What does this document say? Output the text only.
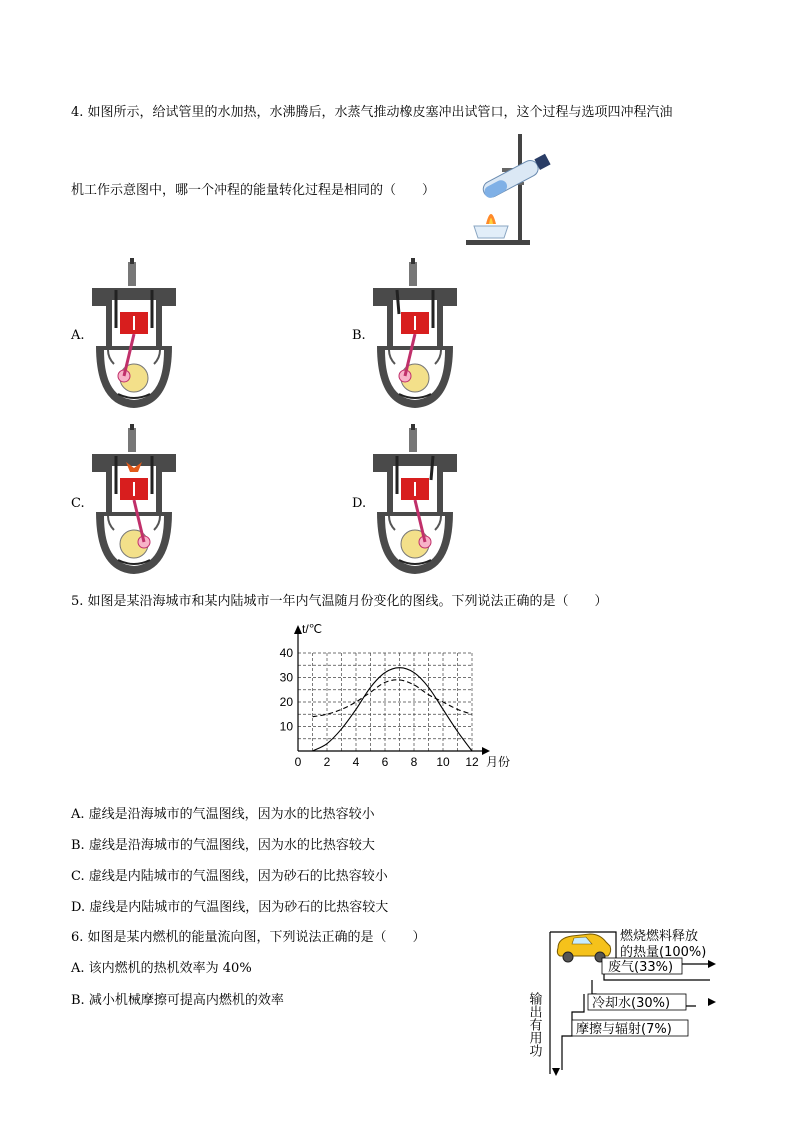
4. 如图所示，给试管里的水加热，水沸腾后，水蒸气推动橡皮塞冲出试管口，这个过程与选项四冲程汽油
机工作示意图中，哪一个冲程的能量转化过程是相同的（　　）
A.	B.
C.	D.
5. 如图是某沿海城市和某内陆城市一年内气温随月份变化的图线。下列说法正确的是（　　）
t/℃
月份
0 2 4 6 8 10 12
10
20
30
40
A. 虚线是沿海城市的气温图线，因为水的比热容较小
B. 虚线是沿海城市的气温图线，因为水的比热容较大
C. 虚线是内陆城市的气温图线，因为砂石的比热容较小
D. 虚线是内陆城市的气温图线，因为砂石的比热容较大
6. 如图是某内燃机的能量流向图，下列说法正确的是（　　）
A. 该内燃机的热机效率为 40%
B. 减小机械摩擦可提高内燃机的效率
燃烧燃料释放
的热量(100%)
废气(33%)
冷却水(30%)
摩擦与辐射(7%)
输出有用功
